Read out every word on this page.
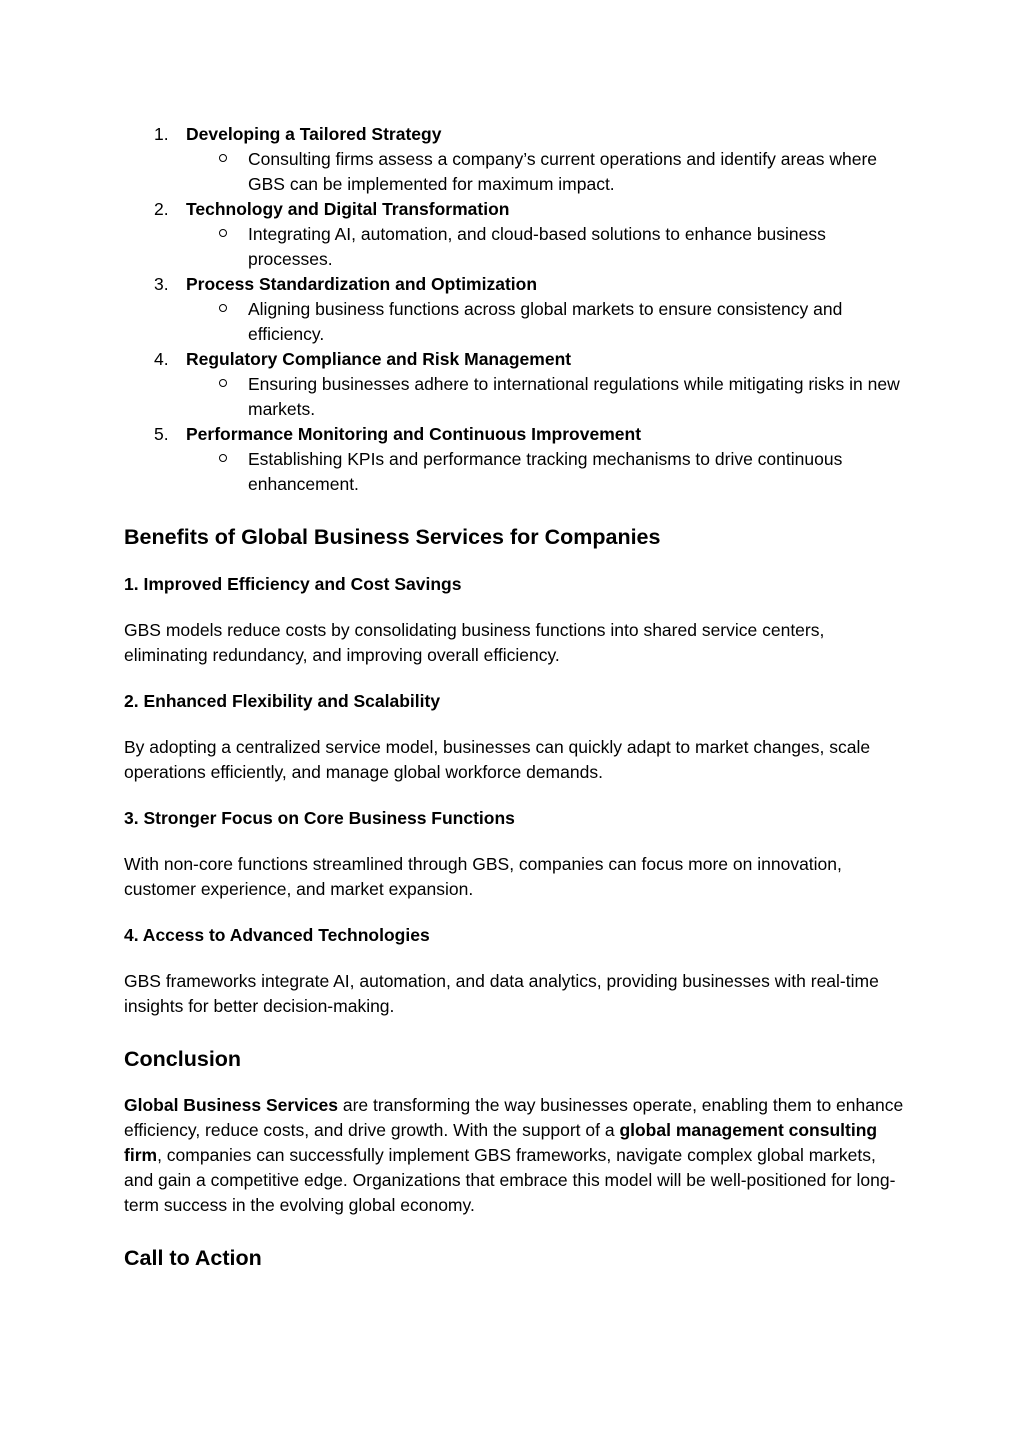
1. Developing a Tailored Strategy
Consulting firms assess a company’s current operations and identify areas where GBS can be implemented for maximum impact.
2. Technology and Digital Transformation
Integrating AI, automation, and cloud-based solutions to enhance business processes.
3. Process Standardization and Optimization
Aligning business functions across global markets to ensure consistency and efficiency.
4. Regulatory Compliance and Risk Management
Ensuring businesses adhere to international regulations while mitigating risks in new markets.
5. Performance Monitoring and Continuous Improvement
Establishing KPIs and performance tracking mechanisms to drive continuous enhancement.
Benefits of Global Business Services for Companies
1. Improved Efficiency and Cost Savings

GBS models reduce costs by consolidating business functions into shared service centers, eliminating redundancy, and improving overall efficiency.

2. Enhanced Flexibility and Scalability

By adopting a centralized service model, businesses can quickly adapt to market changes, scale operations efficiently, and manage global workforce demands.

3. Stronger Focus on Core Business Functions

With non-core functions streamlined through GBS, companies can focus more on innovation, customer experience, and market expansion.

4. Access to Advanced Technologies

GBS frameworks integrate AI, automation, and data analytics, providing businesses with real-time insights for better decision-making.

Conclusion

Global Business Services are transforming the way businesses operate, enabling them to enhance efficiency, reduce costs, and drive growth. With the support of a global management consulting firm, companies can successfully implement GBS frameworks, navigate complex global markets, and gain a competitive edge. Organizations that embrace this model will be well-positioned for long-term success in the evolving global economy.

Call to Action
